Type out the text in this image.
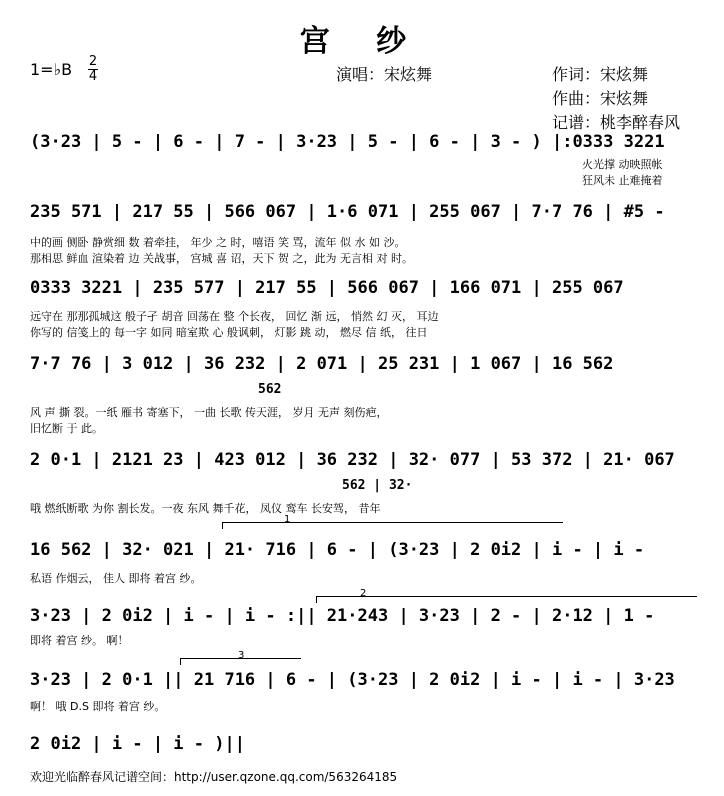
宫 纱
1=♭B 2
4	演唱：宋炫舞	作词：宋炫舞
作曲：宋炫舞
记谱：桃李醉春风
(3·23 | 5 - | 6 - | 7 - | 3·23 | 5 - | 6 - | 3 - ) |:0333 3221
火光撑 动映照帐
狂风未 止难掩着
235 571 | 217 55 | 566 067 | 1·6 071 | 255 067 | 7·7 76 | #5 -
中的画 侧卧 静赏细 数 着牵挂， 年少 之 时，嘻语 笑 骂，流年 似 水 如 沙。
那相思 鲜血 渲染着 边 关战事， 宫城 喜 诏，天下 贺 之，此为 无言相 对 时。
0333 3221 | 235 577 | 217 55 | 566 067 | 166 071 | 255 067
远守在 那那孤城这 般子孑 胡音 回荡在 整 个长夜， 回忆 渐 远， 悄然 幻 灭， 耳边
你写的 信笺上的 每一字 如同 暗室欺 心 般讽刺， 灯影 跳 动， 燃尽 信 纸， 往日
7·7 76 | 3 012 | 36 232 | 2 071 | 25 231 | 1 067 | 16 562
562
风 声 撕 裂。一纸 雁书 寄塞下， 一曲 长歌 传天涯， 岁月 无声 刻伤疤，
旧忆断 于 此。
2 0·1 | 2121 23 | 423 012 | 36 232 | 32· 077 | 53 372 | 21· 067
562 | 32·
哦 燃纸断歌 为你 割长发。一夜 东风 舞千花， 凤仪 鸾车 长安驾， 昔年
1
16 562 | 32· 021 | 21· 716 | 6 - | (3·23 | 2 0i2 | i - | i -
私语 作烟云， 佳人 即将 着宫 纱。
2
3·23 | 2 0i2 | i - | i - :|| 21·243 | 3·23 | 2 - | 2·12 | 1 -
即将 着宫 纱。 啊！
3
3·23 | 2 0·1 || 21 716 | 6 - | (3·23 | 2 0i2 | i - | i - | 3·23
啊！ 哦 D.S 即将 着宫 纱。
2 0i2 | i - | i - )||
欢迎光临醉春风记谱空间：http://user.qzone.qq.com/563264185
